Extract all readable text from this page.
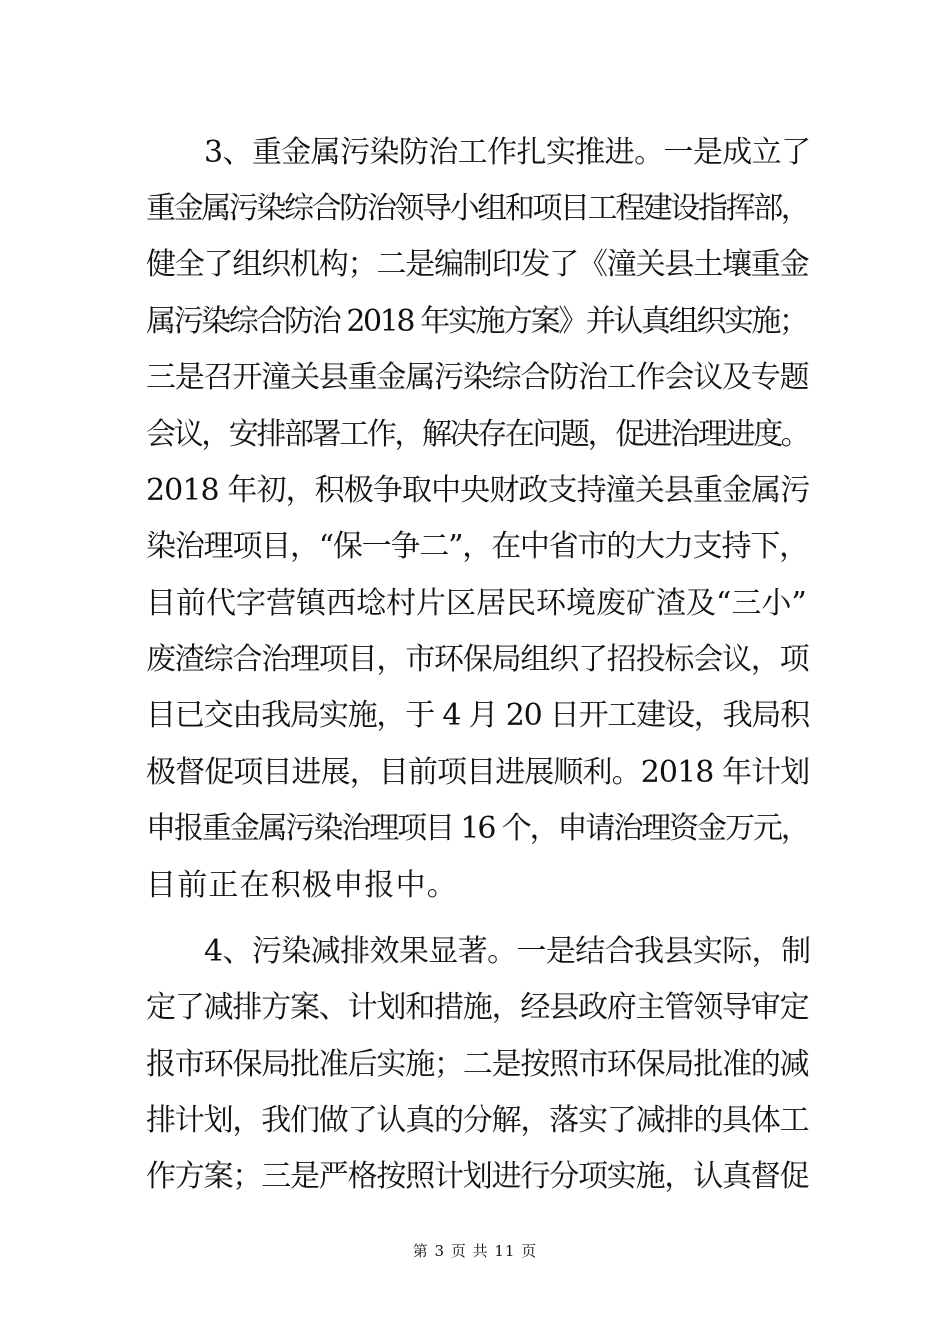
3、重金属污染防治工作扎实推进。一是成立了
重金属污染综合防治领导小组和项目工程建设指挥部，
健全了组织机构；二是编制印发了《潼关县土壤重金
属污染综合防治 2018 年实施方案》并认真组织实施；
三是召开潼关县重金属污染综合防治工作会议及专题
会议，安排部署工作，解决存在问题，促进治理进度。
2018 年初，积极争取中央财政支持潼关县重金属污
染治理项目，“保一争二”，在中省市的大力支持下，
目前代字营镇西埝村片区居民环境废矿渣及“三小”
废渣综合治理项目，市环保局组织了招投标会议，项
目已交由我局实施，于 4 月 20 日开工建设，我局积
极督促项目进展，目前项目进展顺利。2018 年计划
申报重金属污染治理项目 16 个，申请治理资金万元，
目前正在积极申报中。
4、污染减排效果显著。一是结合我县实际，制
定了减排方案、计划和措施，经县政府主管领导审定
报市环保局批准后实施；二是按照市环保局批准的减
排计划，我们做了认真的分解，落实了减排的具体工
作方案；三是严格按照计划进行分项实施，认真督促
第 3 页 共 11 页
